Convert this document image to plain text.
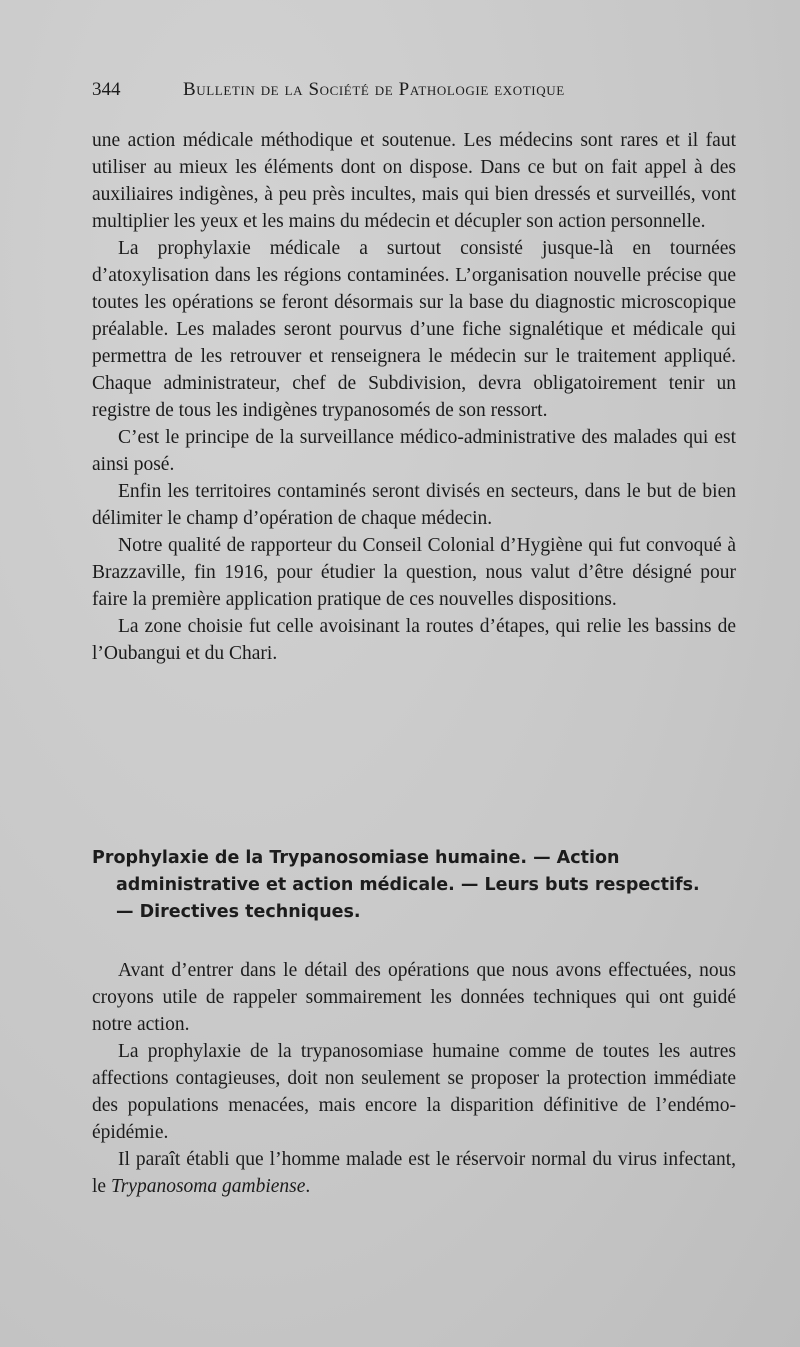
344	Bulletin de la Société de Pathologie exotique

une action médicale méthodique et soutenue. Les médecins sont rares et il faut utiliser au mieux les éléments dont on dispose. Dans ce but on fait appel à des auxiliaires indigènes, à peu près incultes, mais qui bien dressés et surveillés, vont multiplier les yeux et les mains du médecin et décupler son action personnelle.

La prophylaxie médicale a surtout consisté jusque-là en tournées d’atoxylisation dans les régions contaminées. L’organisation nouvelle précise que toutes les opérations se feront désormais sur la base du diagnostic microscopique préalable. Les malades seront pourvus d’une fiche signalétique et médicale qui permettra de les retrouver et renseignera le médecin sur le traitement appliqué. Chaque administrateur, chef de Subdivision, devra obligatoirement tenir un registre de tous les indigènes trypanosomés de son ressort.

C’est le principe de la surveillance médico-administrative des malades qui est ainsi posé.

Enfin les territoires contaminés seront divisés en secteurs, dans le but de bien délimiter le champ d’opération de chaque médecin.

Notre qualité de rapporteur du Conseil Colonial d’Hygiène qui fut convoqué à Brazzaville, fin 1916, pour étudier la question, nous valut d’être désigné pour faire la première application pratique de ces nouvelles dispositions.

La zone choisie fut celle avoisinant la routes d’étapes, qui relie les bassins de l’Oubangui et du Chari.

Prophylaxie de la Trypanosomiase humaine. — Action
administrative et action médicale. — Leurs buts respectifs.
— Directives techniques.

Avant d’entrer dans le détail des opérations que nous avons effectuées, nous croyons utile de rappeler sommairement les données techniques qui ont guidé notre action.

La prophylaxie de la trypanosomiase humaine comme de toutes les autres affections contagieuses, doit non seulement se proposer la protection immédiate des populations menacées, mais encore la disparition définitive de l’endémo-épidémie.

Il paraît établi que l’homme malade est le réservoir normal du virus infectant, le Trypanosoma gambiense.
